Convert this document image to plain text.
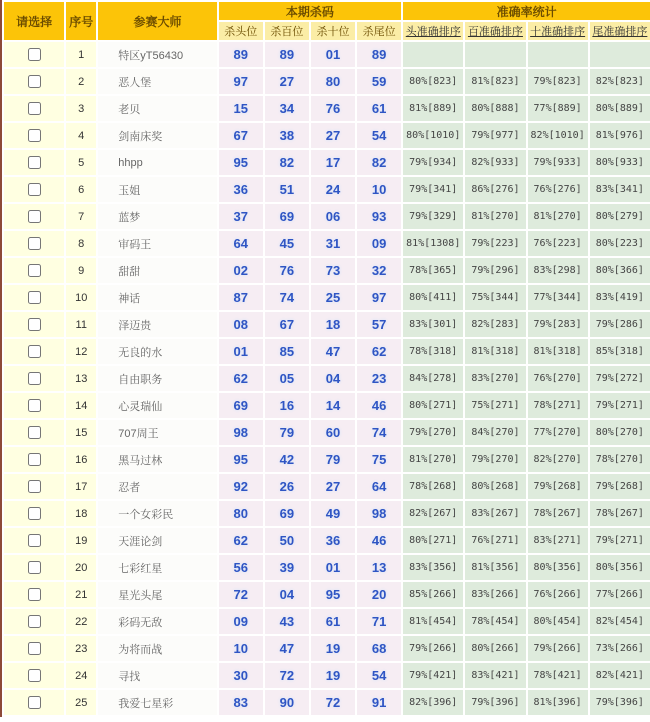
请选择	序号	参赛大师	本期杀码				准确率统计			
			杀头位	杀百位	杀十位	杀尾位	头准确排序	百准确排序	十准确排序	尾准确排序
	1	特区yT56430	89	89	01	89				
	2	恶人堡	97	27	80	59	80%[823]	81%[823]	79%[823]	82%[823]
	3	老贝	15	34	76	61	81%[889]	80%[888]	77%[889]	80%[889]
	4	剑南床奖	67	38	27	54	80%[1010]	79%[977]	82%[1010]	81%[976]
	5	hhpp	95	82	17	82	79%[934]	82%[933]	79%[933]	80%[933]
	6	玉姐	36	51	24	10	79%[341]	86%[276]	76%[276]	83%[341]
	7	蓝梦	37	69	06	93	79%[329]	81%[270]	81%[270]	80%[279]
	8	审码王	64	45	31	09	81%[1308]	79%[223]	76%[223]	80%[223]
	9	甜甜	02	76	73	32	78%[365]	79%[296]	83%[298]	80%[366]
	10	神话	87	74	25	97	80%[411]	75%[344]	77%[344]	83%[419]
	11	泽迈贵	08	67	18	57	83%[301]	82%[283]	79%[283]	79%[286]
	12	无良的水	01	85	47	62	78%[318]	81%[318]	81%[318]	85%[318]
	13	自由职务	62	05	04	23	84%[278]	83%[270]	76%[270]	79%[272]
	14	心灵瑞仙	69	16	14	46	80%[271]	75%[271]	78%[271]	79%[271]
	15	707周王	98	79	60	74	79%[270]	84%[270]	77%[270]	80%[270]
	16	黑马过林	95	42	79	75	81%[270]	79%[270]	82%[270]	78%[270]
	17	忍者	92	26	27	64	78%[268]	80%[268]	79%[268]	79%[268]
	18	一个女彩民	80	69	49	98	82%[267]	83%[267]	78%[267]	78%[267]
	19	天涯论剑	62	50	36	46	80%[271]	76%[271]	83%[271]	79%[271]
	20	七彩红星	56	39	01	13	83%[356]	81%[356]	80%[356]	80%[356]
	21	星光头尾	72	04	95	20	85%[266]	83%[266]	76%[266]	77%[266]
	22	彩码无敌	09	43	61	71	81%[454]	78%[454]	80%[454]	82%[454]
	23	为将而战	10	47	19	68	79%[266]	80%[266]	79%[266]	73%[266]
	24	寻找	30	72	19	54	79%[421]	83%[421]	78%[421]	82%[421]
	25	我爱七星彩	83	90	72	91	82%[396]	79%[396]	81%[396]	79%[396]
